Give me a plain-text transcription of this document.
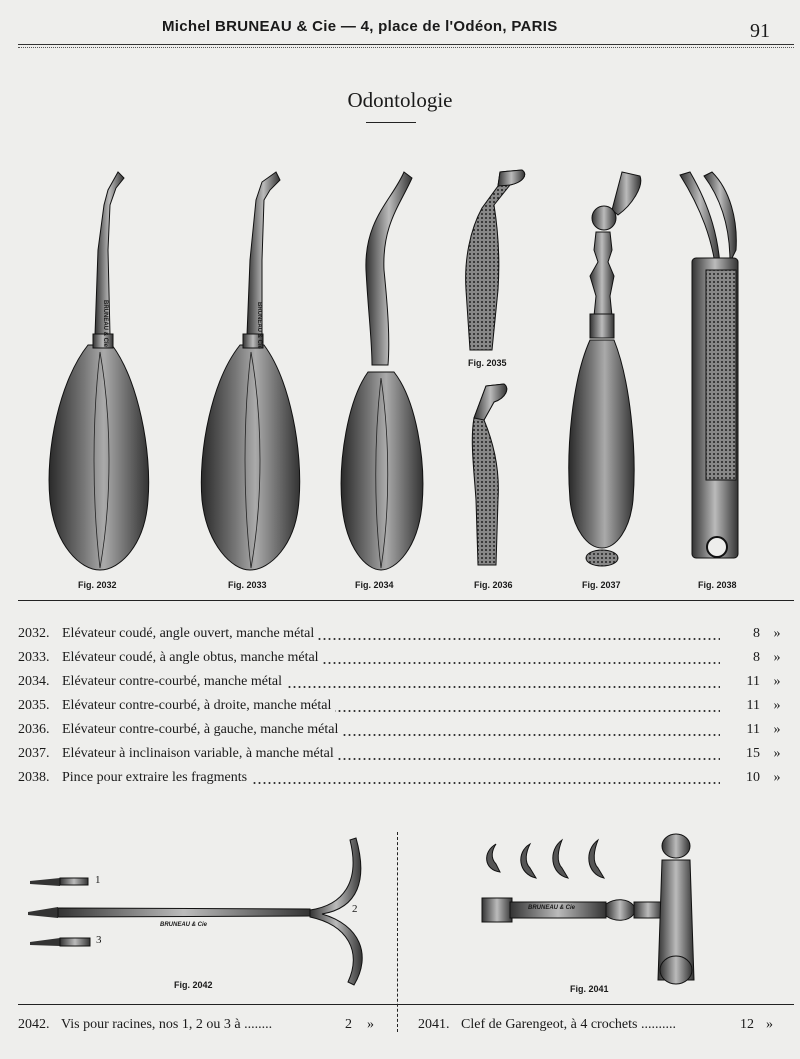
Michel BRUNEAU & Cie — 4, place de l'Odéon, PARIS	91
Odontologie
BRUNEAU & Cie	BRUNEAU & Cie
Fig. 2032	Fig. 2033	Fig. 2034
Fig. 2035
Fig. 2036	Fig. 2037	Fig. 2038
Fig. 2042	Fig. 2041
2032.	Elévateur coudé, angle ouvert, manche métal	8	»
2033.	Elévateur coudé, à angle obtus, manche métal	8	»
2034.	Elévateur contre-courbé, manche métal	11	»
2035.	Elévateur contre-courbé, à droite, manche métal	11	»
2036.	Elévateur contre-courbé, à gauche, manche métal	11	»
2037.	Elévateur à inclinaison variable, à manche métal	15	»
2038.	Pince pour extraire les fragments	10	»
1
2
3
BRUNEAU & Cie
BRUNEAU & Cie
2042. Vis pour racines, nos 1, 2 ou 3 à ........	2 »	2041. Clef de Garengeot, à 4 crochets ..........	12 »
